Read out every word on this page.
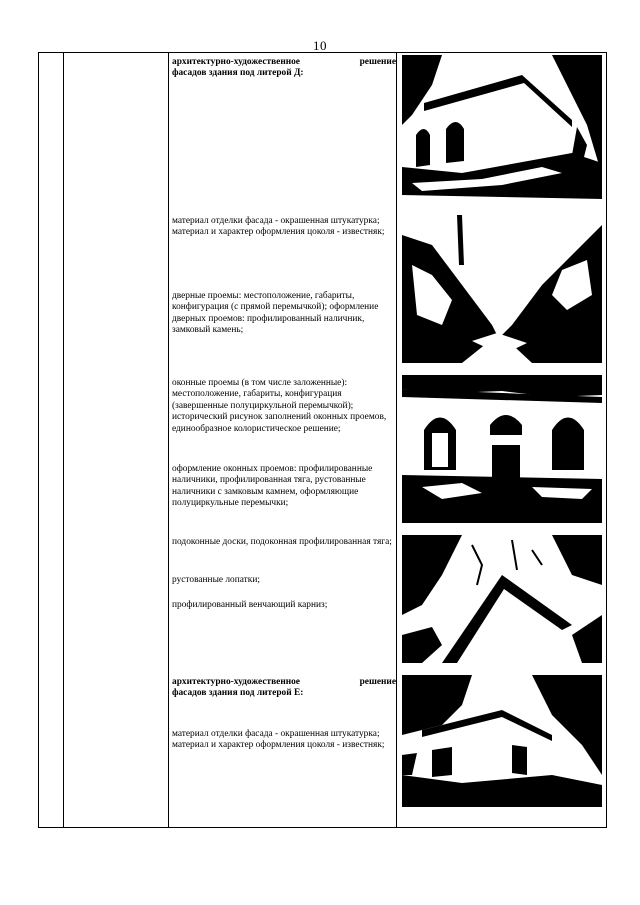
10
архитектурно-художественное решение
фасадов здания под литерой Д:

материал отделки фасада - окрашенная штукатурка;

материал и характер оформления цоколя - известняк;

дверные проемы: местоположение, габариты, конфигурация (с прямой перемычкой); оформление дверных проемов: профилированный наличник, замковый камень;

оконные проемы (в том числе заложенные): местоположение, габариты, конфигурация (завершенные полуциркульной перемычкой); исторический рисунок заполнений оконных проемов, единообразное колористическое решение;

оформление оконных проемов: профилированные наличники, профилированная тяга, рустованные наличники с замковым камнем, оформляющие полуциркульные перемычки;

подоконные доски, подоконная профилированная тяга;

рустованные лопатки;

профилированный венчающий карниз;

архитектурно-художественное решение
фасадов здания под литерой Е:

материал отделки фасада - окрашенная штукатурка;

материал и характер оформления цоколя - известняк;
